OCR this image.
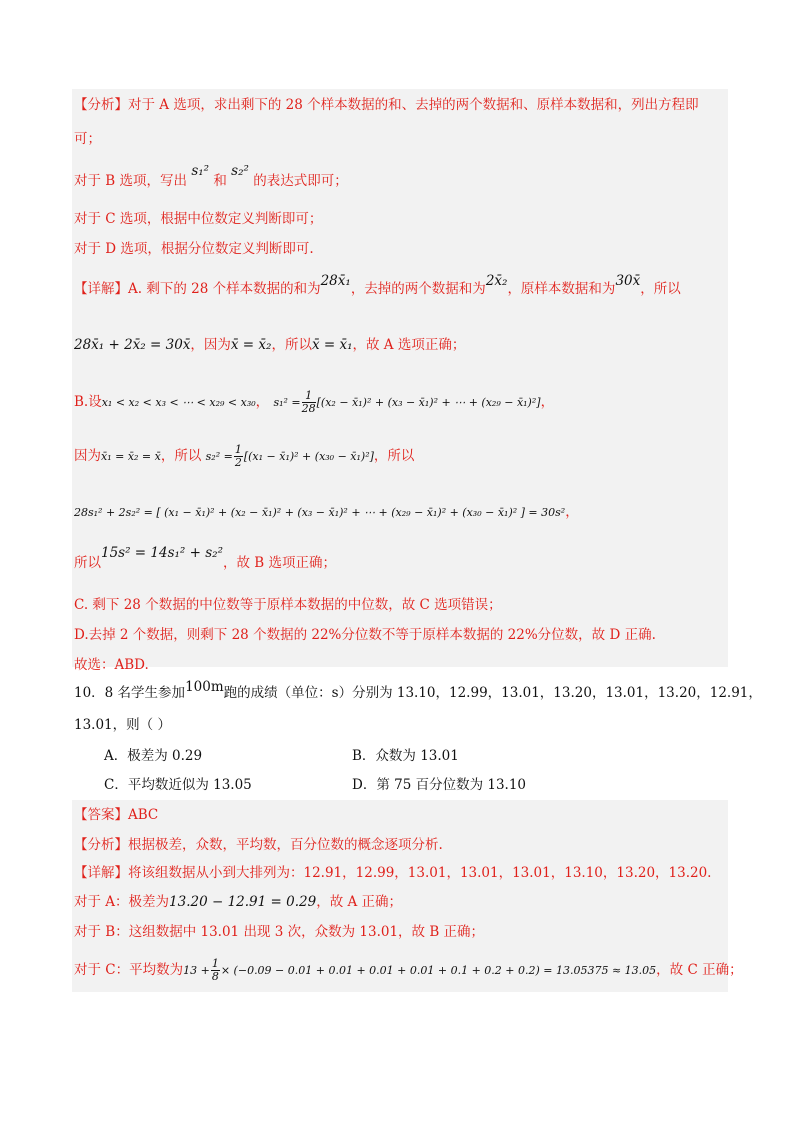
【分析】对于 A 选项，求出剩下的 28 个样本数据的和、去掉的两个数据和、原样本数据和，列出方程即
可；
对于 B 选项，写出 s₁² 和 s₂² 的表达式即可；
对于 C 选项，根据中位数定义判断即可；
对于 D 选项，根据分位数定义判断即可.
【详解】A. 剩下的 28 个样本数据的和为28x̄₁，去掉的两个数据和为2x̄₂，原样本数据和为30x̄，所以
28x̄₁ + 2x̄₂ = 30x̄，因为x̄ = x̄₂，所以x̄ = x̄₁，故 A 选项正确；
B.设x₁ < x₂ < x₃ < ⋯ < x₂₉ < x₃₀， $s_1^2 = \frac{1}{28} [(x_2$ − x̄₁)² + (x₃ − x̄₁)² + ⋯ + (x₂₉ − x̄₁)²]，
因为x̄₁ = x̄₂ = x̄，所以 $s_2^2 = \frac{1}{2} [(x_1$ − x̄₁)² + (x₃₀ − x̄₁)²]，所以
28s₁² + 2s₂² = [ (x₁ − x̄₁)² + (x₂ − x̄₁)² + (x₃ − x̄₁)² + ⋯ + (x₂₉ − x̄₁)² + (x₃₀ − x̄₁)² ] = 30s²，
所以15s² = 14s₁² + s₂²，故 B 选项正确；
C. 剩下 28 个数据的中位数等于原样本数据的中位数，故 C 选项错误；
D.去掉 2 个数据，则剩下 28 个数据的 22%分位数不等于原样本数据的 22%分位数，故 D 正确.
故选：ABD.
10．8 名学生参加100m跑的成绩（单位：s）分别为 13.10，12.99，13.01，13.20，13.01，13.20，12.91，
13.01，则（ ）
A．极差为 0.29	B．众数为 13.01
C．平均数近似为 13.05	D．第 75 百分位数为 13.10
【答案】ABC
【分析】根据极差，众数，平均数，百分位数的概念逐项分析.
【详解】将该组数据从小到大排列为：12.91，12.99，13.01，13.01，13.01，13.10，13.20，13.20.
对于 A：极差为13.20 − 12.91 = 0.29，故 A 正确；
对于 B：这组数据中 13.01 出现 3 次，众数为 13.01，故 B 正确；
对于 C：平均数为$13 + \frac{1}{8} \times (-0.09 - 0.01 + 0.01 + 0.01 + 0.01 + 0.1 + 0.2 + 0.2) = 13.05375 \approx 13.05$，故 C 正确；
